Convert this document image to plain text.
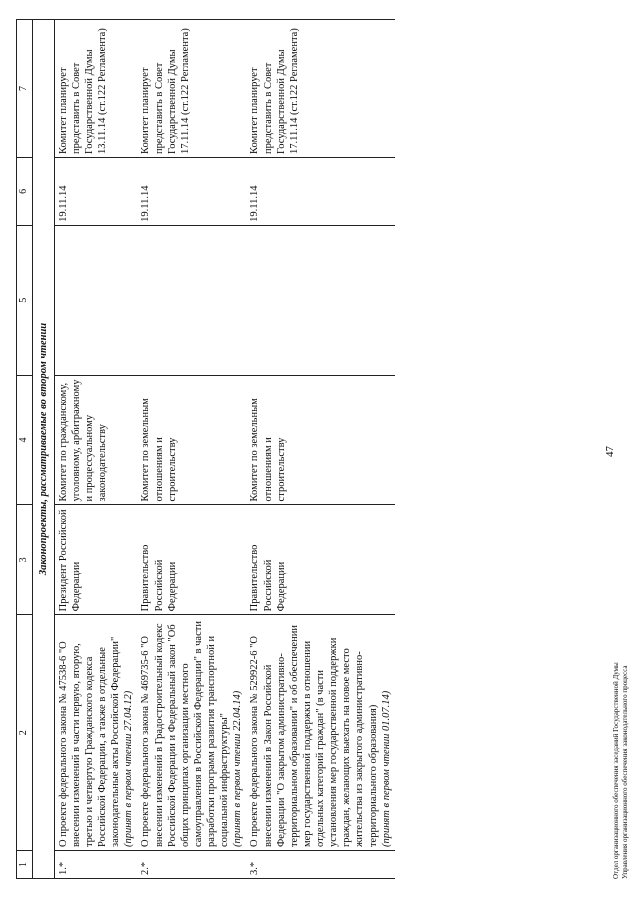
47
1	2	3	4	5	6	7
Законопроекты, рассматриваемые во втором чтении						
1.*	О проекте федерального закона № 47538-6 "О внесении изменений в части первую, вторую, третью и четвертую Гражданского кодекса Российской Федерации, а также в отдельные законодательные акты Российской Федерации" (принят в первом чтении 27.04.12)	Президент Российской Федерации	Комитет по гражданскому, уголовному, арбитражному и процессуальному законодательству		19.11.14	Комитет планирует представить в Совет Государственной Думы 13.11.14 (ст.122 Регламента)
2.*	О проекте федерального закона № 469735-6 "О внесении изменений в Градостроительный кодекс Российской Федерации и Федеральный закон "Об общих принципах организации местного самоуправления в Российской Федерации" в части разработки программ развития транспортной и социальной инфраструктуры" (принят в первом чтении 22.04.14)	Правительство Российской Федерации	Комитет по земельным отношениям и строительству		19.11.14	Комитет планирует представить в Совет Государственной Думы 17.11.14 (ст.122 Регламента)
3.*	О проекте федерального закона № 529922-6 "О внесении изменений в Закон Российской Федерации "О закрытом административно-территориальном образовании" и об обеспечении мер государственной поддержки в отношении отдельных категорий граждан" (в части установления мер государственной поддержки граждан, желающих выехать на новое место жительства из закрытого административно-территориального образования) (принят в первом чтении 01.07.14)	Правительство Российской Федерации	Комитет по земельным отношениям и строительству		19.11.14	Комитет планирует представить в Совет Государственной Думы 17.11.14 (ст.122 Регламента)
Отдел организационного обеспечения заседаний Государственной Думы Управления организационного обеспечения законодательного процесса
